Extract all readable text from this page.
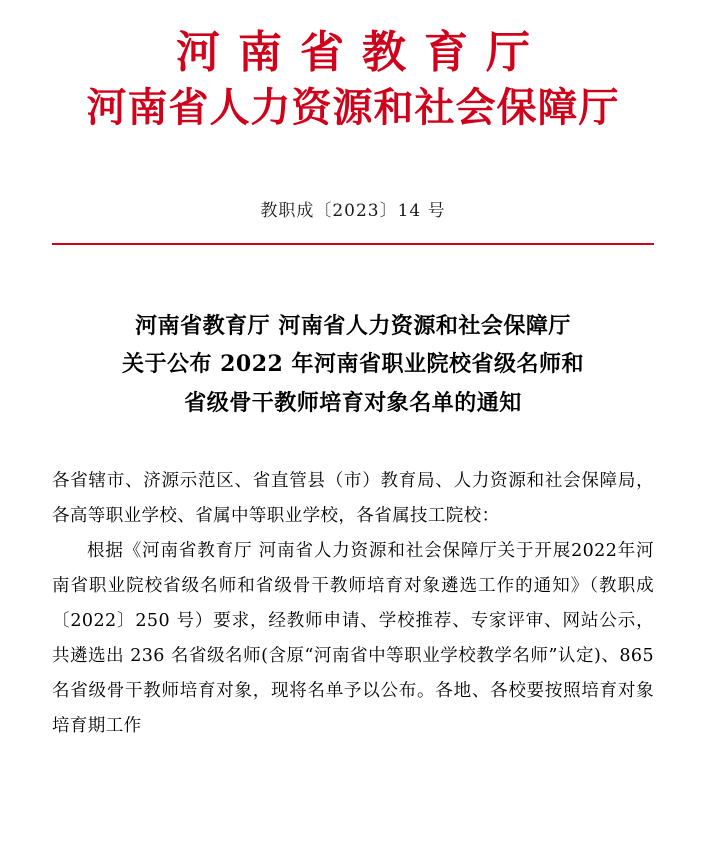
河南省教育厅
河南省人力资源和社会保障厅
教职成〔2023〕14 号
河南省教育厅 河南省人力资源和社会保障厅
关于公布 2022 年河南省职业院校省级名师和
省级骨干教师培育对象名单的通知

各省辖市、济源示范区、省直管县（市）教育局、人力资源和社会保障局，各高等职业学校、省属中等职业学校，各省属技工院校：

根据《河南省教育厅 河南省人力资源和社会保障厅关于开展2022年河南省职业院校省级名师和省级骨干教师培育对象遴选工作的通知》（教职成〔2022〕250 号）要求，经教师申请、学校推荐、专家评审、网站公示，共遴选出 236 名省级名师(含原“河南省中等职业学校教学名师”认定)、865 名省级骨干教师培育对象，现将名单予以公布。各地、各校要按照培育对象培育期工作
